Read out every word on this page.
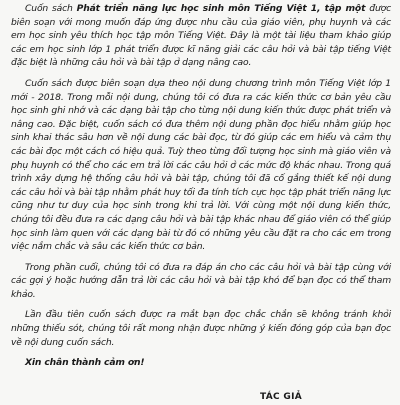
Cuốn sách Phát triển năng lực học sinh môn Tiếng Việt 1, tập một được biên soạn với mong muốn đáp ứng được nhu cầu của giáo viên, phụ huynh và các em học sinh yêu thích học tập môn Tiếng Việt. Đây là một tài liệu tham khảo giúp các em học sinh lớp 1 phát triển được kĩ năng giải các câu hỏi và bài tập tiếng Việt đặc biệt là những câu hỏi và bài tập ở dạng nâng cao.

Cuốn sách được biên soạn dựa theo nội dung chương trình môn Tiếng Việt lớp 1 mới - 2018. Trong mỗi nội dung, chúng tôi có đưa ra các kiến thức cơ bản yêu cầu học sinh ghi nhớ và các dạng bài tập cho từng nội dung kiến thức được phát triển và nâng cao. Đặc biệt, cuốn sách có đưa thêm nội dung phần đọc hiểu nhằm giúp học sinh khai thác sâu hơn về nội dung các bài đọc, từ đó giúp các em hiểu và cảm thụ các bài đọc một cách có hiệu quả. Tuỳ theo từng đối tượng học sinh mà giáo viên và phụ huynh có thể cho các em trả lời các câu hỏi ở các mức độ khác nhau. Trong quá trình xây dựng hệ thống câu hỏi và bài tập, chúng tôi đã cố gắng thiết kế nội dung các câu hỏi và bài tập nhằm phát huy tối đa tính tích cực học tập phát triển năng lực cũng như tư duy của học sinh trong khi trả lời. Với cùng một nội dung kiến thức, chúng tôi đều đưa ra các dạng câu hỏi và bài tập khác nhau để giáo viên có thể giúp học sinh làm quen với các dạng bài từ đó có những yêu cầu đặt ra cho các em trong việc nắm chắc và sâu các kiến thức cơ bản.

Trong phần cuối, chúng tôi có đưa ra đáp án cho các câu hỏi và bài tập cùng với các gợi ý hoặc hướng dẫn trả lời các câu hỏi và bài tập khó để bạn đọc có thể tham khảo.

Lần đầu tiên cuốn sách được ra mắt bạn đọc chắc chắn sẽ không tránh khỏi những thiếu sót, chúng tôi rất mong nhận được những ý kiến đóng góp của bạn đọc về nội dung cuốn sách.

Xin chân thành cảm ơn!

TÁC GIẢ
